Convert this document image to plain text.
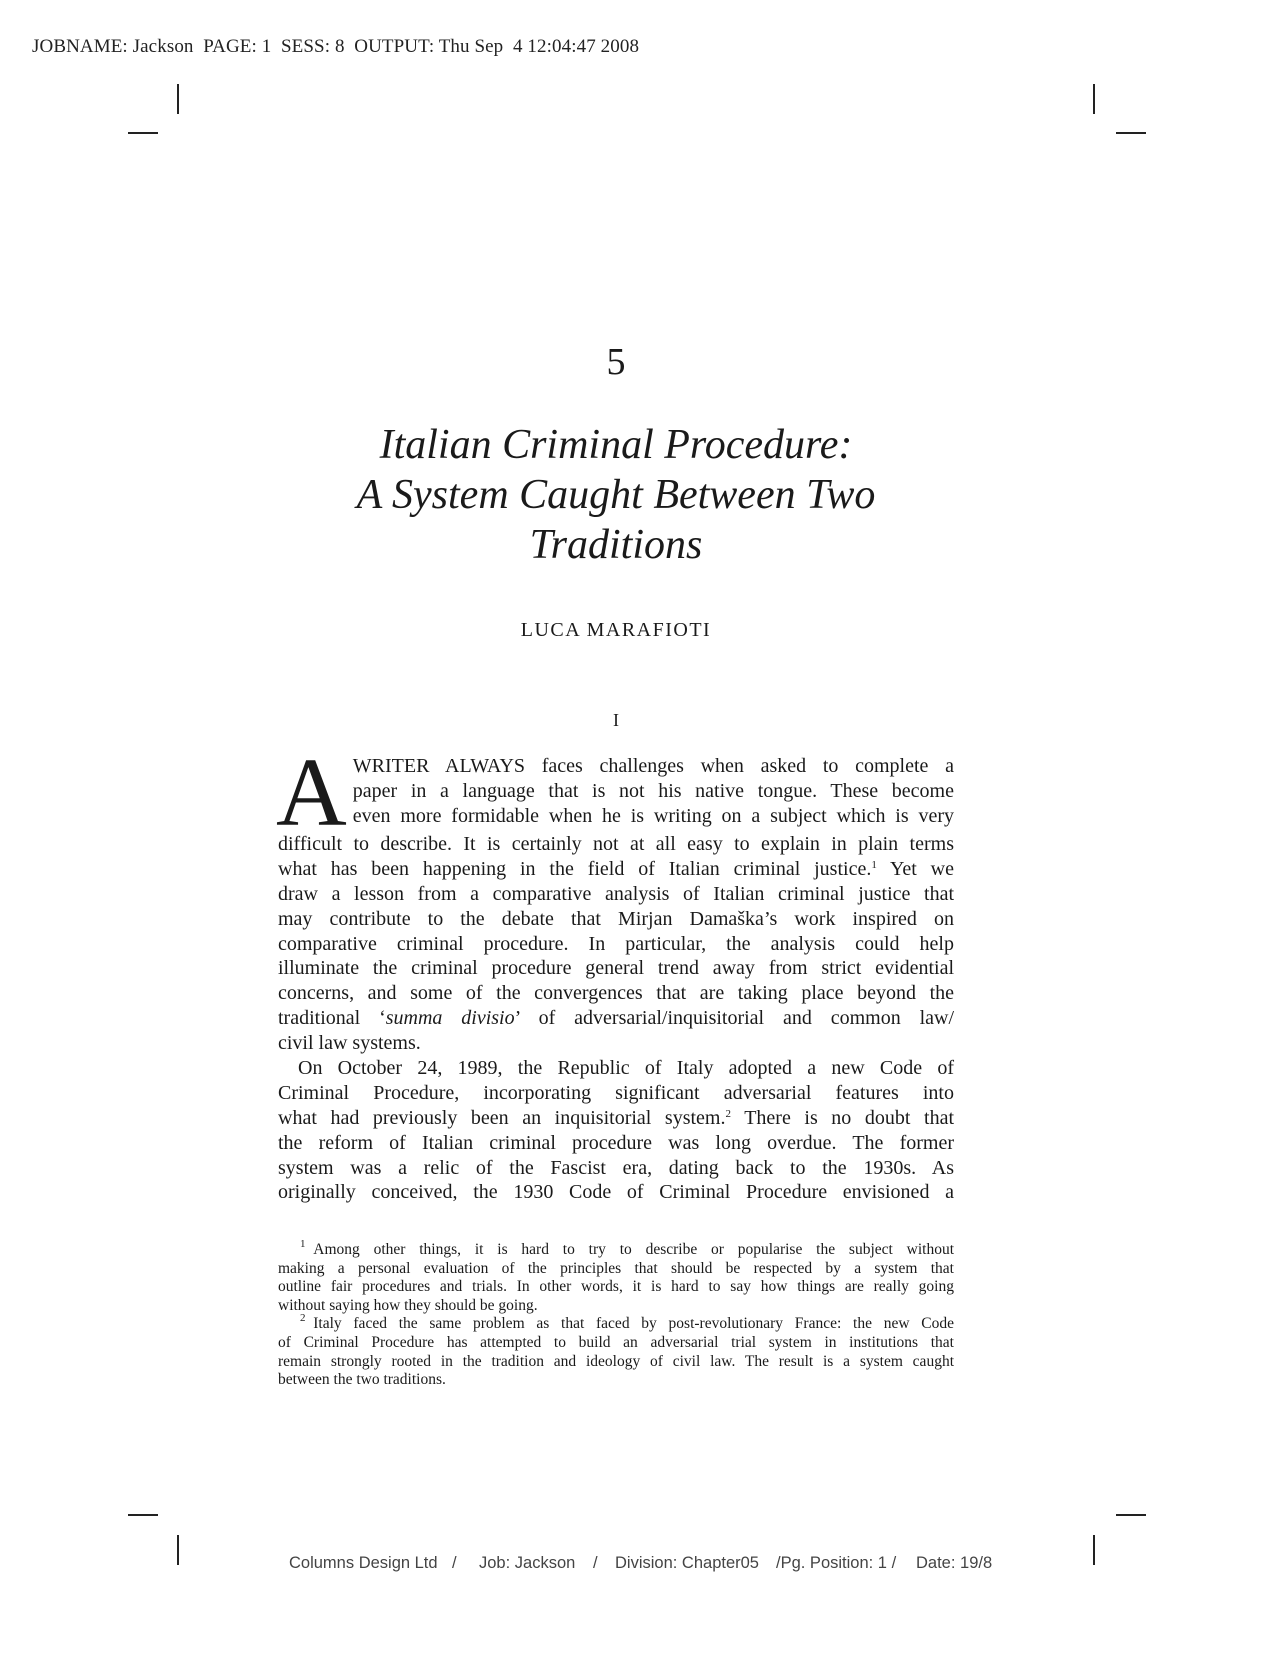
JOBNAME: Jackson  PAGE: 1  SESS: 8  OUTPUT: Thu Sep  4 12:04:47 2008
5
Italian Criminal Procedure:
A System Caught Between Two
Traditions
LUCA MARAFIOTI
I
A WRITER ALWAYS faces challenges when asked to complete a
paper in a language that is not his native tongue. These become
even more formidable when he is writing on a subject which is very
difficult to describe. It is certainly not at all easy to explain in plain terms
what has been happening in the field of Italian criminal justice.$^1$ Yet we
draw a lesson from a comparative analysis of Italian criminal justice that
may contribute to the debate that Mirjan Damaška’s work inspired on
comparative criminal procedure. In particular, the analysis could help
illuminate the criminal procedure general trend away from strict evidential
concerns, and some of the convergences that are taking place beyond the
traditional ‘summa divisio’ of adversarial/inquisitorial and common law/
civil law systems.
On October 24, 1989, the Republic of Italy adopted a new Code of
Criminal Procedure, incorporating significant adversarial features into
what had previously been an inquisitorial system.$^2$ There is no doubt that
the reform of Italian criminal procedure was long overdue. The former
system was a relic of the Fascist era, dating back to the 1930s. As
originally conceived, the 1930 Code of Criminal Procedure envisioned a
$^1$  Among other things, it is hard to try to describe or popularise the subject without
making a personal evaluation of the principles that should be respected by a system that
outline fair procedures and trials. In other words, it is hard to say how things are really going
without saying how they should be going.
$^2$  Italy faced the same problem as that faced by post-revolutionary France: the new Code
of Criminal Procedure has attempted to build an adversarial trial system in institutions that
remain strongly rooted in the tradition and ideology of civil law. The result is a system caught
between the two traditions.
Columns Design Ltd / Job: Jackson / Division: Chapter05 /Pg. Position: 1 / Date: 19/8
